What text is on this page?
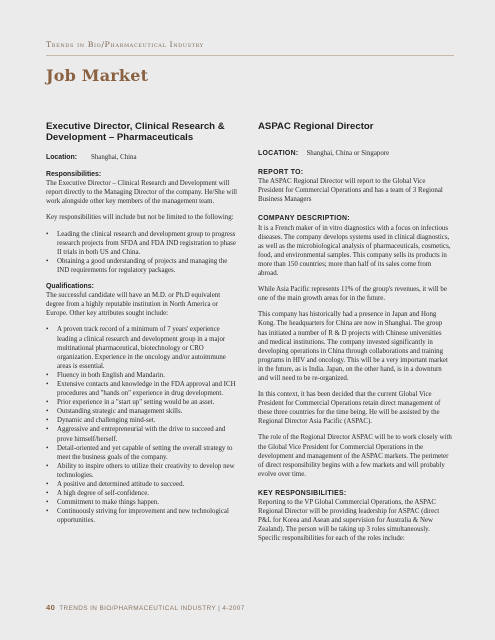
Trends in Bio/Pharmaceutical Industry
Job Market
Executive Director, Clinical Research & Development – Pharmaceuticals

Location: Shanghai, China

Responsibilities:

The Executive Director – Clinical Research and Development will report directly to the Managing Director of the company. He/She will work alongside other key members of the management team.

Key responsibilities will include but not be limited to the following:

• Leading the clinical research and development group to progress research projects from SFDA and FDA IND registration to phase II trials in both US and China.
• Obtaining a good understanding of projects and managing the IND requirements for regulatory packages.
Qualifications:

The successful candidate will have an M.D. or Ph.D equivalent degree from a highly reputable institution in North America or Europe. Other key attributes sought include:

• A proven track record of a minimum of 7 years' experience leading a clinical research and development group in a major multinational pharmaceutical, biotechnology or CRO organization. Experience in the oncology and/or autoimmune areas is essential.
• Fluency in both English and Mandarin.
• Extensive contacts and knowledge in the FDA approval and ICH procedures and "hands on" experience in drug development.
• Prior experience in a "start up" setting would be an asset.
• Outstanding strategic and management skills.
• Dynamic and challenging mind-set.
• Aggressive and entrepreneurial with the drive to succeed and prove himself/herself.
• Detail-oriented and yet capable of setting the overall strategy to meet the business goals of the company.
• Ability to inspire others to utilize their creativity to develop new technologies.
• A positive and determined attitude to succeed.
• A high degree of self-confidence.
• Commitment to make things happen.
• Continuously striving for improvement and new technological opportunities.
ASPAC Regional Director

LOCATION: Shanghai, China or Singapore

REPORT TO:

The ASPAC Regional Director will report to the Global Vice President for Commercial Operations and has a team of 3 Regional Business Managers

COMPANY DESCRIPTION:

It is a French maker of in vitro diagnostics with a focus on infectious diseases. The company develops systems used in clinical diagnostics, as well as the microbiological analysis of pharmaceuticals, cosmetics, food, and environmental samples. This company sells its products in more than 150 countries; more than half of its sales come from abroad.

While Asia Pacific represents 11% of the group's revenues, it will be one of the main growth areas for in the future.

This company has historically had a presence in Japan and Hong Kong. The headquarters for China are now in Shanghai. The group has initiated a number of R & D projects with Chinese universities and medical institutions. The company invested significantly in developing operations in China through collaborations and training programs in HIV and oncology. This will be a very important market in the future, as is India. Japan, on the other hand, is in a downturn and will need to be re-organized.

In this context, it has been decided that the current Global Vice President for Commercial Operations retain direct management of these three countries for the time being. He will be assisted by the Regional Director Asia Pacific (ASPAC).

The role of the Regional Director ASPAC will be to work closely with the Global Vice President for Commercial Operations in the development and management of the ASPAC markets. The perimeter of direct responsibility begins with a few markets and will probably evolve over time.

KEY RESPONSIBILITIES:

Reporting to the VP Global Commercial Operations, the ASPAC Regional Director will be providing leadership for ASPAC (direct P&L for Korea and Asean and supervision for Australia & New Zealand). The person will be taking up 3 roles simultaneously. Specific responsibilities for each of the roles include:

40 TRENDS IN BIO/PHARMACEUTICAL INDUSTRY | 4-2007
